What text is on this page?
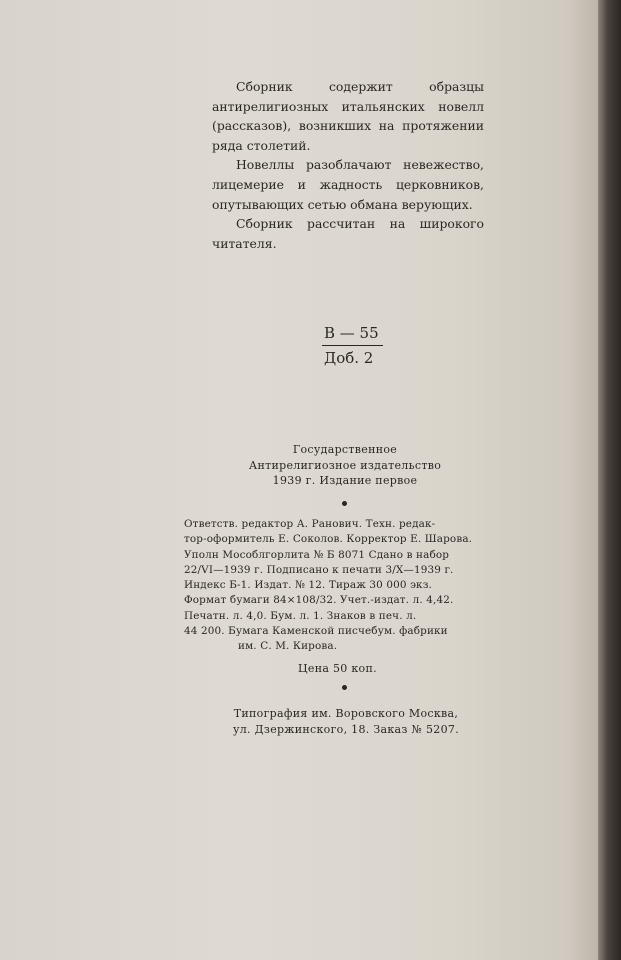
Сборник содержит образцы антирелигиозных итальянских новелл (рассказов), возникших на протяжении ряда столетий.

Новеллы разоблачают невежество, лицемерие и жадность церковников, опутывающих сетью обмана верующих.

Сборник рассчитан на широкого читателя.

В — 55
Доб. 2
Государственное
Антирелигиозное издательство
1939 г. Издание первое
Ответств. редактор А. Ранович. Техн. редак-
тор-оформитель Е. Соколов. Корректор Е. Шарова.
Уполн Мособлгорлита № Б 8071 Сдано в набор
22/VI—1939 г. Подписано к печати 3/X—1939 г.
Индекс Б-1. Издат. № 12. Тираж 30 000 экз.
Формат бумаги 84×108/32. Учет.-издат. л. 4,42.
Печатн. л. 4,0. Бум. л. 1. Знаков в печ. л.
44 200. Бумага Каменской писчебум. фабрики
им. С. М. Кирова.
Цена 50 коп.
Типография им. Воровского Москва,
ул. Дзержинского, 18. Заказ № 5207.
